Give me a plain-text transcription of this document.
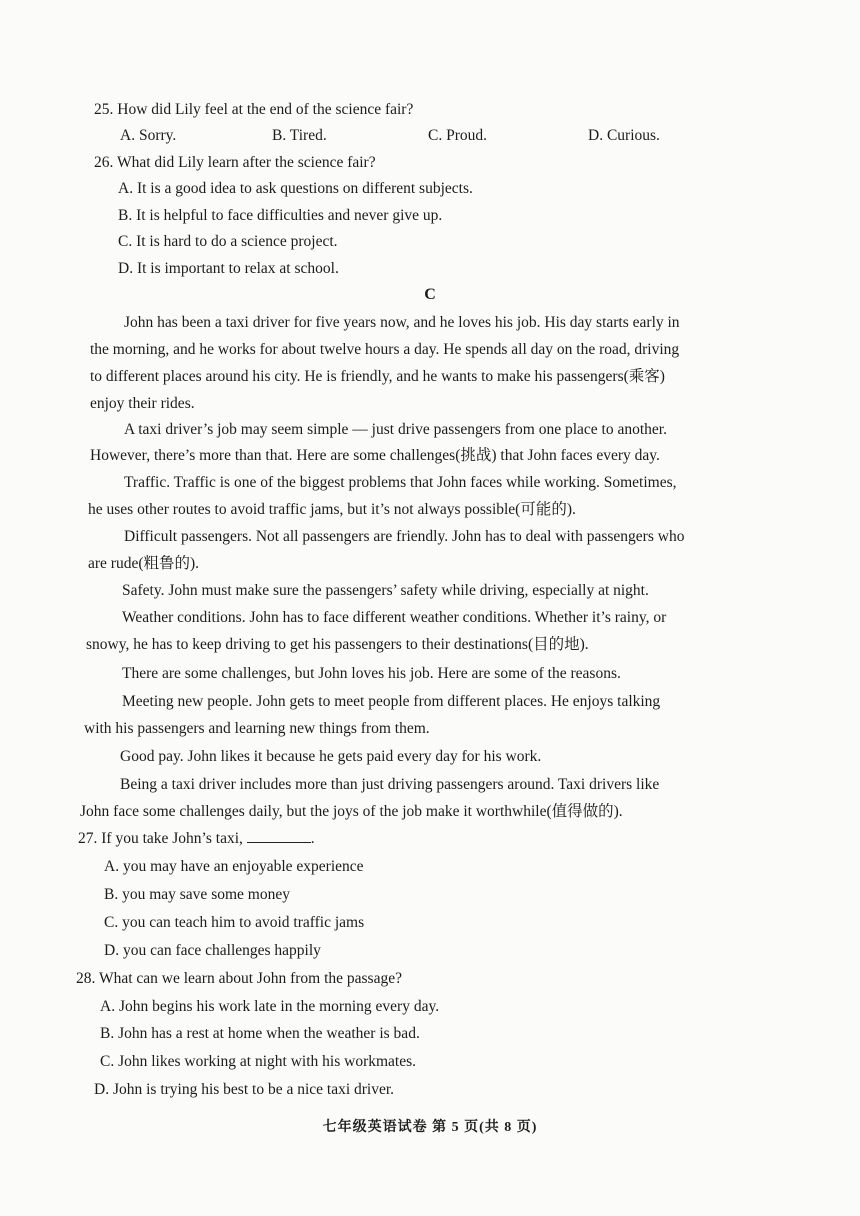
25. How did Lily feel at the end of the science fair?
A. Sorry.	B. Tired.	C. Proud.	D. Curious.
26. What did Lily learn after the science fair?
A. It is a good idea to ask questions on different subjects.
B. It is helpful to face difficulties and never give up.
C. It is hard to do a science project.
D. It is important to relax at school.
C
John has been a taxi driver for five years now, and he loves his job. His day starts early in
the morning, and he works for about twelve hours a day. He spends all day on the road, driving
to different places around his city. He is friendly, and he wants to make his passengers(乘客)
enjoy their rides.
A taxi driver’s job may seem simple — just drive passengers from one place to another.
However, there’s more than that. Here are some challenges(挑战) that John faces every day.
Traffic. Traffic is one of the biggest problems that John faces while working. Sometimes,
he uses other routes to avoid traffic jams, but it’s not always possible(可能的).
Difficult passengers. Not all passengers are friendly. John has to deal with passengers who
are rude(粗鲁的).
Safety. John must make sure the passengers’ safety while driving, especially at night.
Weather conditions. John has to face different weather conditions. Whether it’s rainy, or
snowy, he has to keep driving to get his passengers to their destinations(目的地).
There are some challenges, but John loves his job. Here are some of the reasons.
Meeting new people. John gets to meet people from different places. He enjoys talking
with his passengers and learning new things from them.
Good pay. John likes it because he gets paid every day for his work.
Being a taxi driver includes more than just driving passengers around. Taxi drivers like
John face some challenges daily, but the joys of the job make it worthwhile(值得做的).
27. If you take John’s taxi,	.
A. you may have an enjoyable experience
B. you may save some money
C. you can teach him to avoid traffic jams
D. you can face challenges happily
28. What can we learn about John from the passage?
A. John begins his work late in the morning every day.
B. John has a rest at home when the weather is bad.
C. John likes working at night with his workmates.
D. John is trying his best to be a nice taxi driver.
七年级英语试卷 第 5 页(共 8 页)
